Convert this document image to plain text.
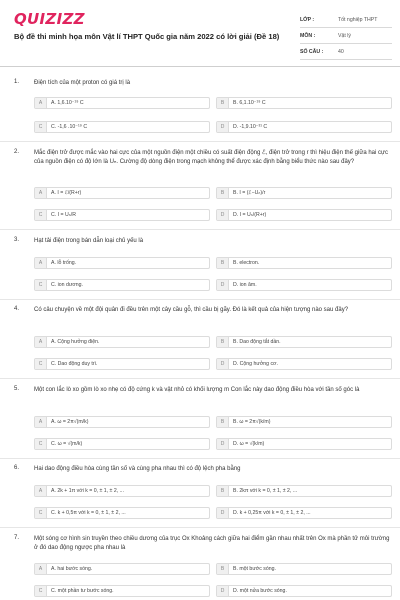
QUIZIZZ
Bộ đề thi minh họa môn Vật lí THPT Quốc gia năm 2022 có lời giải (Đề 18)
LỚP :	Tốt nghiệp THPT
MÔN :	Vật lý
SỐ CÂU :	40
1. Điện tích của một proton có giá trị là
A	A. 1,6.10⁻¹⁹ C	B	B. 6,1.10⁻¹⁹ C
C	C. -1,6 .10⁻¹⁹ C	D	D. -1,9.10⁻³¹ C
2. Mắc điện trở được mắc vào hai cực của một nguồn điện một chiều có suất điện động ℰ, điện trở trong r thì hiệu điện thế giữa hai cực của nguồn điện có độ lớn là Uₙ. Cường độ dòng điện trong mạch không thể được xác định bằng biểu thức nào sau đây?
A	A. I = ℰ/(R+r)	B	B. I = (ℰ−Uₙ)/r
C	C. I = Uₙ/R	D	D. I = Uₙ/(R+r)
3. Hạt tải điện trong bán dẫn loại chủ yếu là
A	A. lỗ trống.	B	B. electron.
C	C. ion dương.	D	D. ion âm.
4. Có câu chuyện về một đội quân đi đều trên một cây cầu gỗ, thì cầu bị gãy. Đó là kết quả của hiện tượng nào sau đây?
A	A. Cộng hưởng điện.	B	B. Dao động tắt dần.
C	C. Dao động duy trì.	D	D. Cộng hưởng cơ.
5. Một con lắc lò xo gồm lò xo nhẹ có độ cứng k và vật nhỏ có khối lượng m Con lắc này dao động điều hòa với tần số góc là
A	A. ω = 2π√(m/k)	B	B. ω = 2π√(k/m)
C	C. ω = √(m/k)	D	D. ω = √(k/m)
6. Hai dao động điều hòa cùng tần số và cùng pha nhau thì có độ lệch pha bằng
A	A. 2k + 1π với k = 0, ± 1, ± 2, ...	B	B. 2kπ với k = 0, ± 1, ± 2, ...
C	C. k + 0,5π với k = 0, ± 1, ± 2, ...	D	D. k + 0,25π với k = 0, ± 1, ± 2, ...
7. Một sóng cơ hình sin truyền theo chiều dương của trục Ox Khoảng cách giữa hai điểm gần nhau nhất trên Ox mà phần tử môi trường ở đó dao động ngược pha nhau là
A	A. hai bước sóng.	B	B. một bước sóng.
C	C. một phần tư bước sóng.	D	D. một nửa bước sóng.
